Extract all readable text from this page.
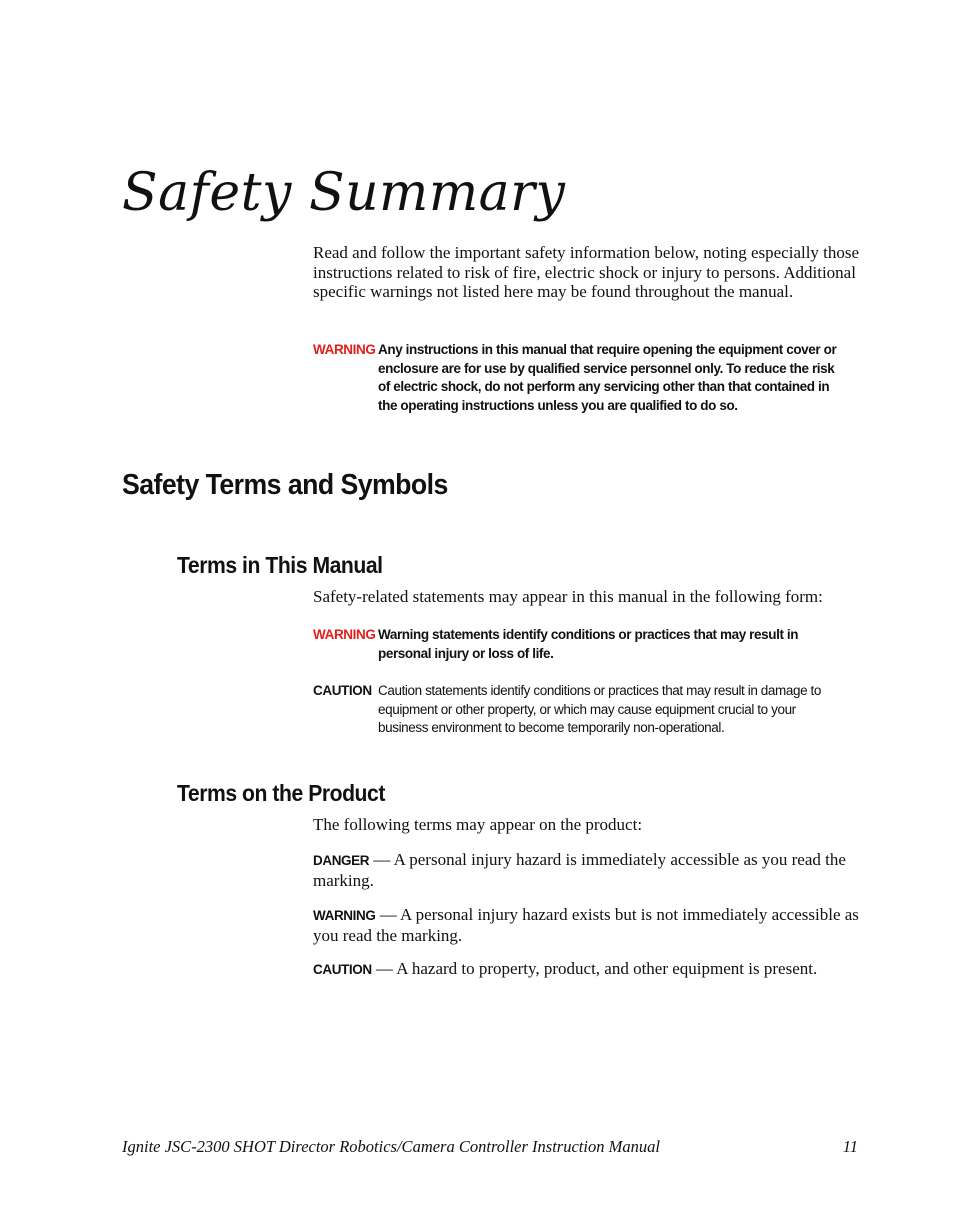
Safety Summary

Read and follow the important safety information below, noting especially those instructions related to risk of fire, electric shock or injury to persons. Additional specific warnings not listed here may be found throughout the manual.

WARNING Any instructions in this manual that require opening the equipment cover or enclosure are for use by qualified service personnel only. To reduce the risk of electric shock, do not perform any servicing other than that contained in the operating instructions unless you are qualified to do so.
Safety Terms and Symbols
Terms in This Manual

Safety-related statements may appear in this manual in the following form:

WARNING Warning statements identify conditions or practices that may result in personal injury or loss of life.
CAUTION Caution statements identify conditions or practices that may result in damage to equipment or other property, or which may cause equipment crucial to your business environment to become temporarily non-operational.
Terms on the Product

The following terms may appear on the product:

DANGER — A personal injury hazard is immediately accessible as you read the marking.

WARNING — A personal injury hazard exists but is not immediately accessible as you read the marking.

CAUTION — A hazard to property, product, and other equipment is present.

Ignite JSC-2300 SHOT Director Robotics/Camera Controller Instruction Manual	11
